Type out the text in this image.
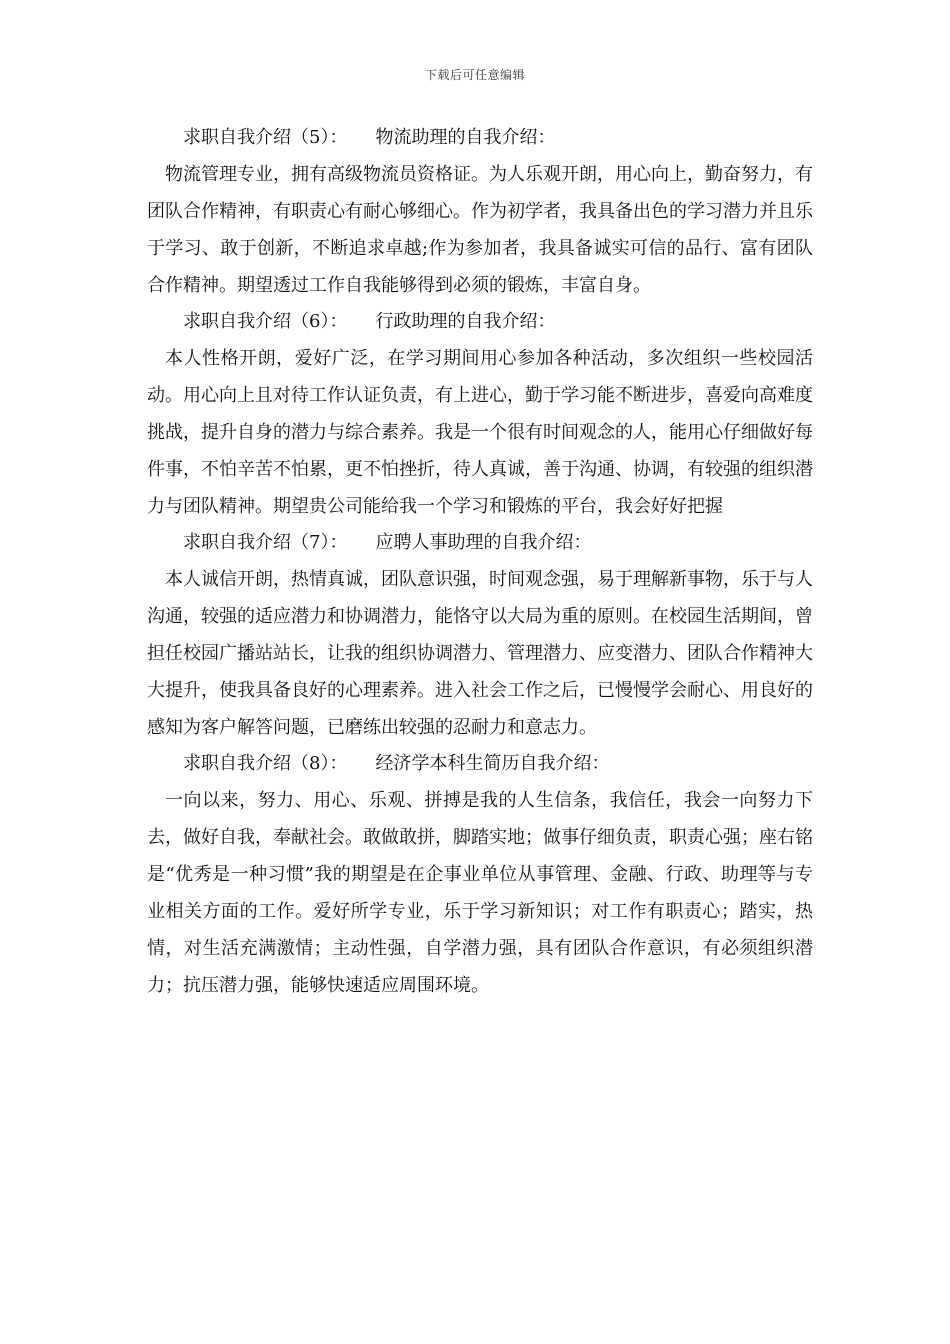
下载后可任意编辑
求职自我介绍（5）： 物流助理的自我介绍：

物流管理专业，拥有高级物流员资格证。为人乐观开朗，用心向上，勤奋努力，有团队合作精神，有职责心有耐心够细心。作为初学者，我具备出色的学习潜力并且乐于学习、敢于创新，不断追求卓越;作为参加者，我具备诚实可信的品行、富有团队合作精神。期望透过工作自我能够得到必须的锻炼，丰富自身。

求职自我介绍（6）： 行政助理的自我介绍：

本人性格开朗，爱好广泛，在学习期间用心参加各种活动，多次组织一些校园活动。用心向上且对待工作认证负责，有上进心，勤于学习能不断进步，喜爱向高难度挑战，提升自身的潜力与综合素养。我是一个很有时间观念的人，能用心仔细做好每件事，不怕辛苦不怕累，更不怕挫折，待人真诚，善于沟通、协调，有较强的组织潜力与团队精神。期望贵公司能给我一个学习和锻炼的平台，我会好好把握

求职自我介绍（7）： 应聘人事助理的自我介绍：

本人诚信开朗，热情真诚，团队意识强，时间观念强，易于理解新事物，乐于与人沟通，较强的适应潜力和协调潜力，能恪守以大局为重的原则。在校园生活期间，曾担任校园广播站站长，让我的组织协调潜力、管理潜力、应变潜力、团队合作精神大大提升，使我具备良好的心理素养。进入社会工作之后，已慢慢学会耐心、用良好的感知为客户解答问题，已磨练出较强的忍耐力和意志力。

求职自我介绍（8）： 经济学本科生简历自我介绍：

一向以来，努力、用心、乐观、拼搏是我的人生信条，我信任，我会一向努力下去，做好自我，奉献社会。敢做敢拼，脚踏实地；做事仔细负责，职责心强；座右铭是“优秀是一种习惯”我的期望是在企事业单位从事管理、金融、行政、助理等与专业相关方面的工作。爱好所学专业，乐于学习新知识；对工作有职责心；踏实，热情，对生活充满激情；主动性强，自学潜力强，具有团队合作意识，有必须组织潜力；抗压潜力强，能够快速适应周围环境。
